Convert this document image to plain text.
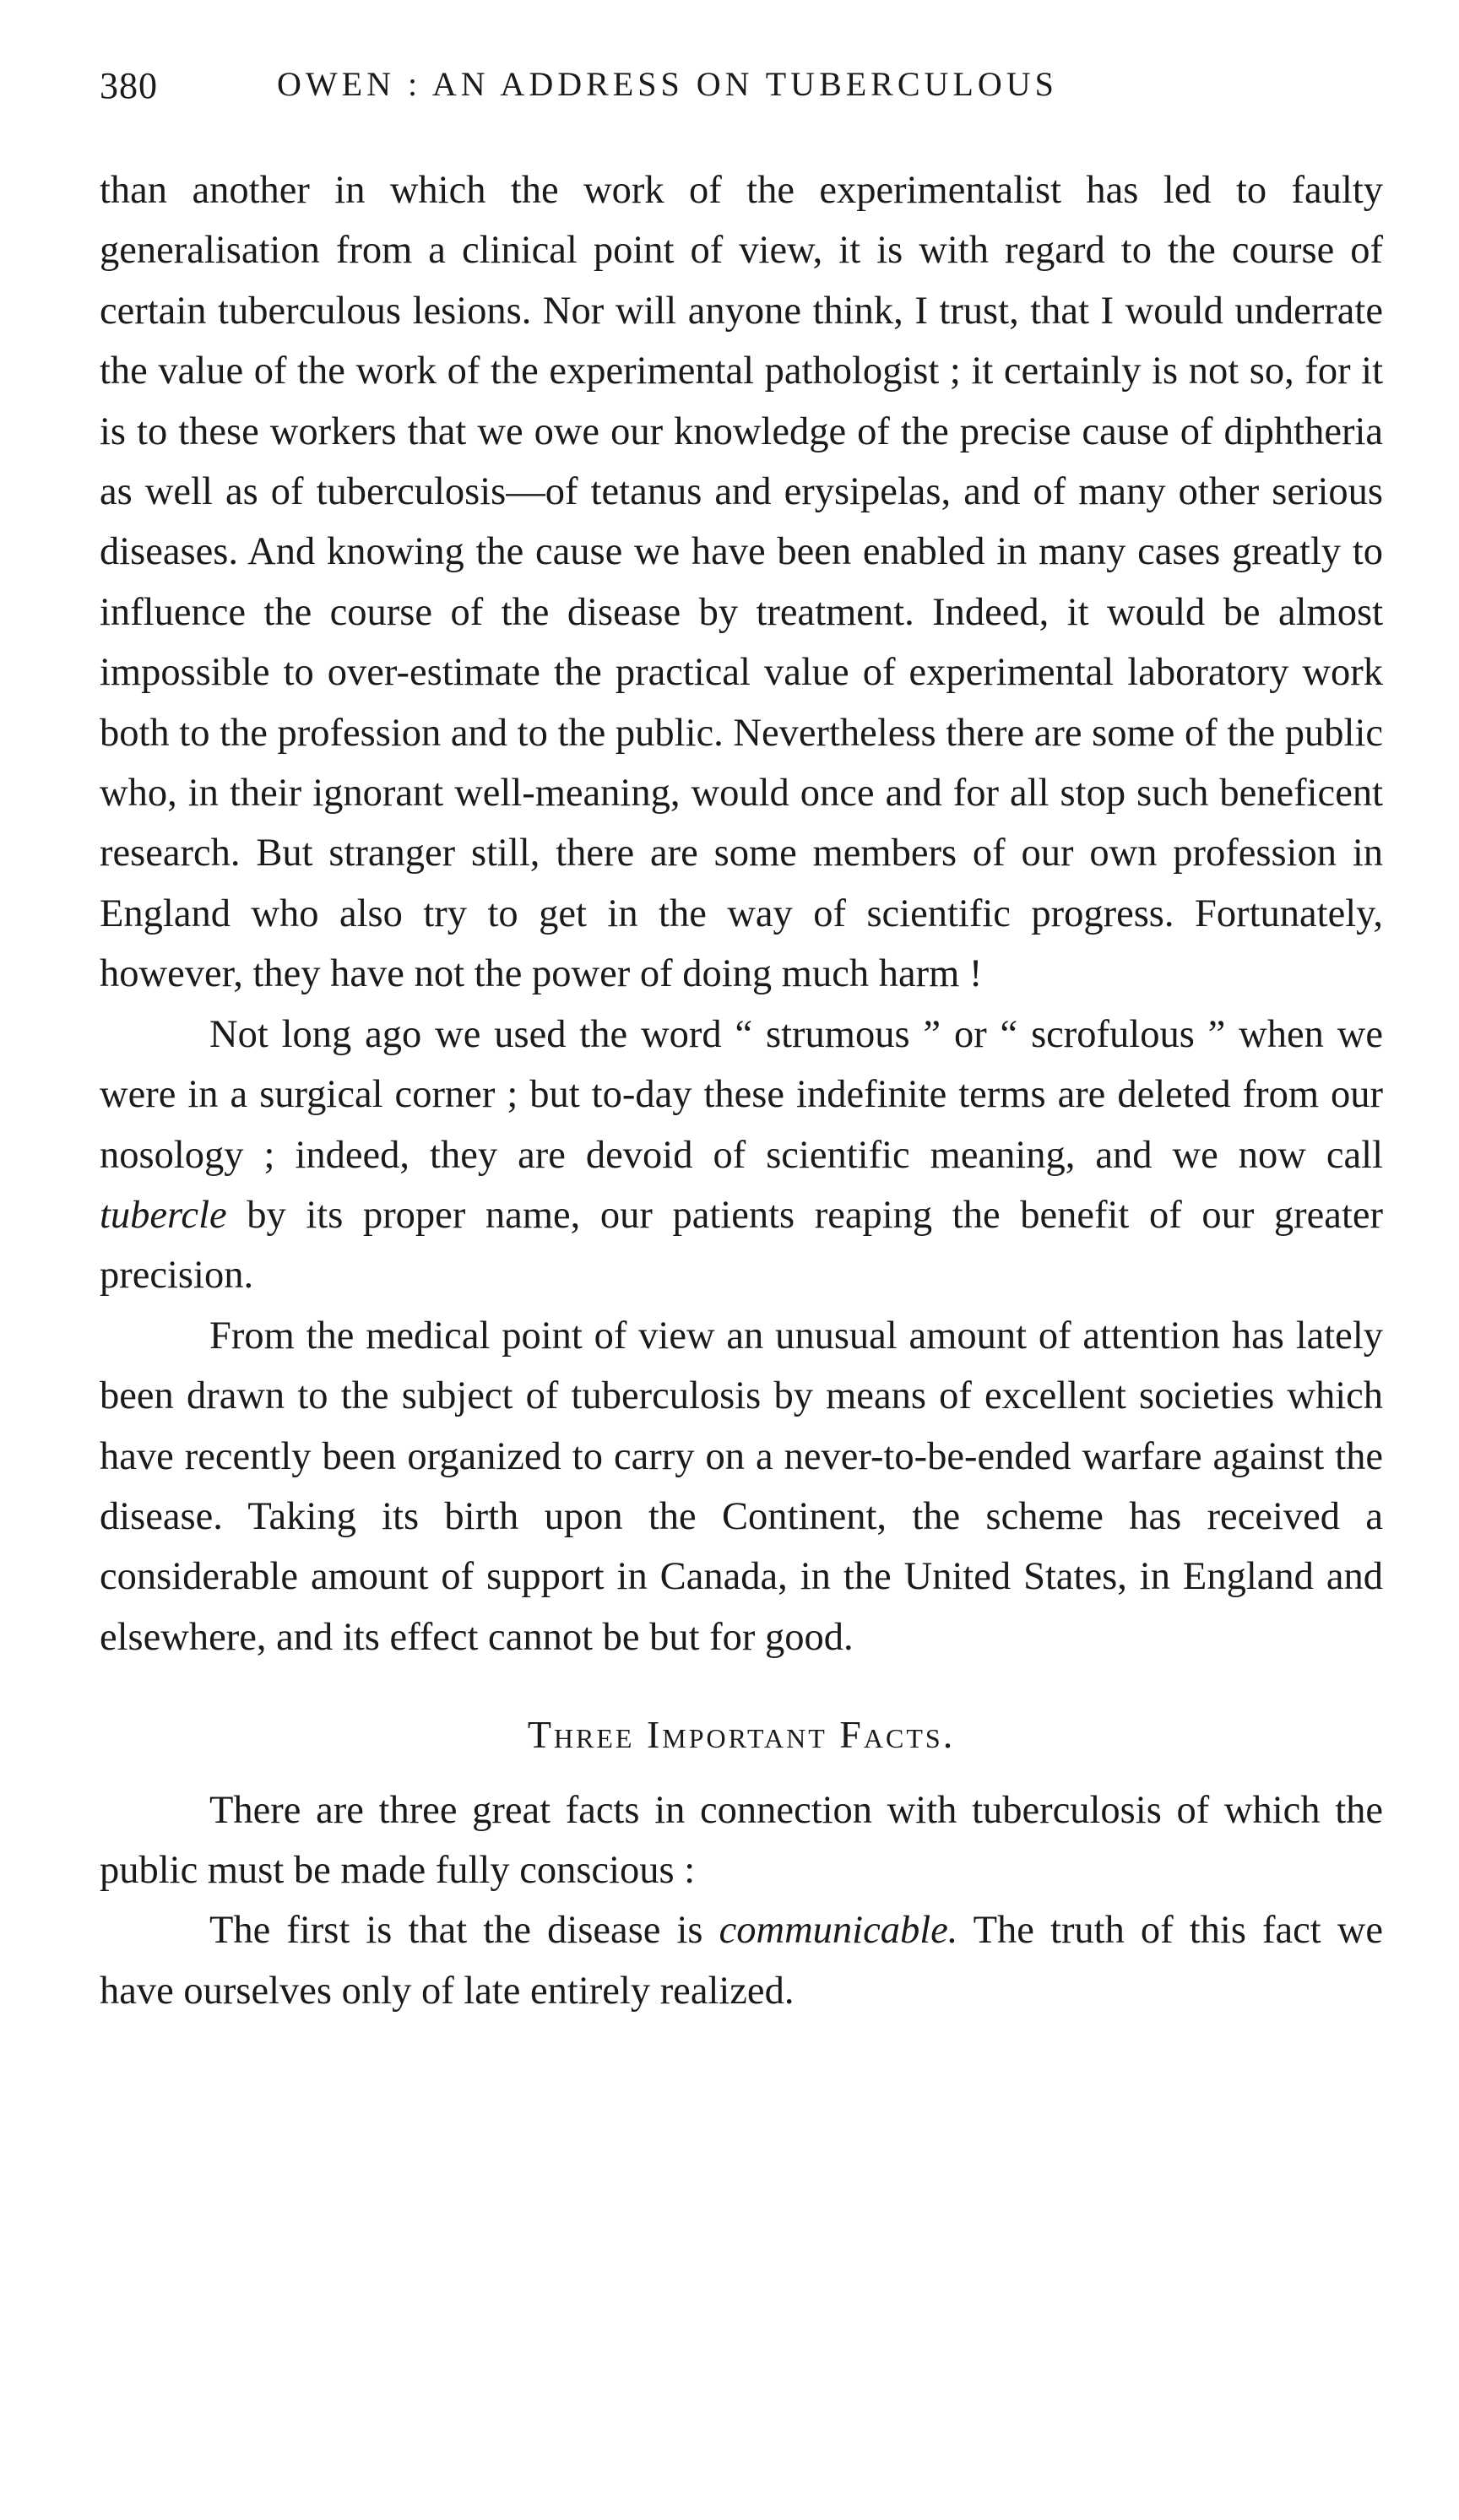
380	OWEN : AN ADDRESS ON TUBERCULOUS

than another in which the work of the experimentalist has led to faulty generalisation from a clinical point of view, it is with regard to the course of certain tuberculous lesions. Nor will anyone think, I trust, that I would underrate the value of the work of the experimental pathologist ; it certainly is not so, for it is to these workers that we owe our knowledge of the precise cause of diphtheria as well as of tuberculosis—of tetanus and erysipelas, and of many other serious diseases. And knowing the cause we have been enabled in many cases greatly to influence the course of the disease by treatment. Indeed, it would be almost impossible to over-estimate the practical value of experimental laboratory work both to the profession and to the public. Nevertheless there are some of the public who, in their ignorant well-meaning, would once and for all stop such beneficent research. But stranger still, there are some members of our own profession in England who also try to get in the way of scientific progress. Fortunately, however, they have not the power of doing much harm !

Not long ago we used the word “ strumous ” or “ scrofulous ” when we were in a surgical corner ; but to-day these indefinite terms are deleted from our nosology ; indeed, they are devoid of scientific meaning, and we now call tubercle by its proper name, our patients reaping the benefit of our greater precision.

From the medical point of view an unusual amount of attention has lately been drawn to the subject of tuberculosis by means of excellent societies which have recently been organized to carry on a never-to-be-ended warfare against the disease. Taking its birth upon the Continent, the scheme has received a considerable amount of support in Canada, in the United States, in England and elsewhere, and its effect cannot be but for good.

Three Important Facts.

There are three great facts in connection with tuberculosis of which the public must be made fully conscious :

The first is that the disease is communicable. The truth of this fact we have ourselves only of late entirely realized.
